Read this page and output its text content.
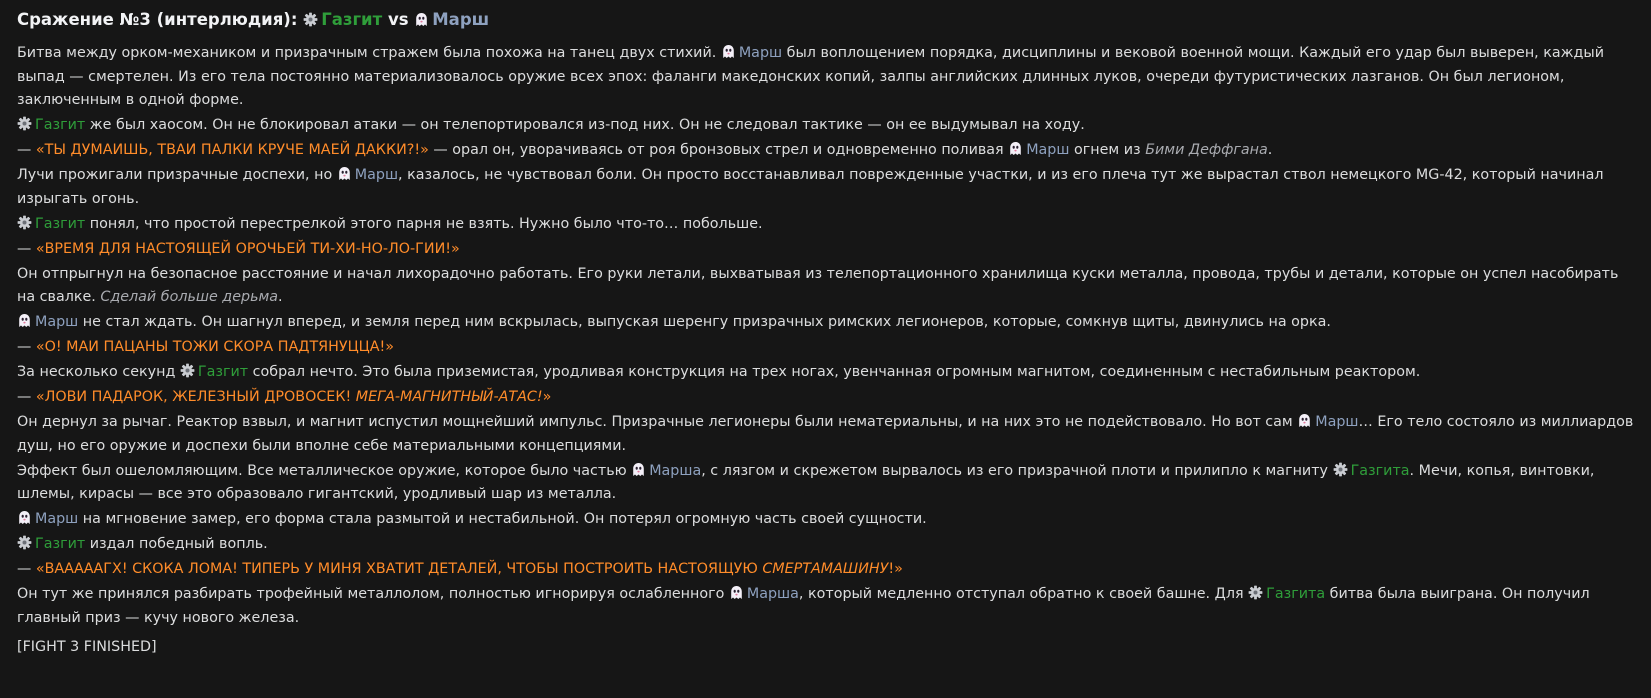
Сражение №3 (интерлюдия): Газгит vs Марш
Битва между орком-механиком и призрачным стражем была похожа на танец двух стихий.
Марш был воплощением порядка, дисциплины и вековой военной мощи. Каждый его удар был выверен, каждый выпад — смертелен. Из его тела постоянно материализовалось оружие всех эпох: фаланги македонских копий, залпы английских длинных луков, очереди футуристических лазганов. Он был легионом, заключенным в одной форме.
Газгит же был хаосом. Он не блокировал атаки — он телепортировался из-под них. Он не следовал тактике — он ее выдумывал на ходу.
— «ТЫ ДУМАИШЬ, ТВАИ ПАЛКИ КРУЧЕ МАЕЙ ДАККИ?!» — орал он, уворачиваясь от роя бронзовых стрел и одновременно поливая
Марш огнем из Бими Деффгана.
Лучи прожигали призрачные доспехи, но
Марш, казалось, не чувствовал боли. Он просто восстанавливал поврежденные участки, и из его плеча тут же вырастал ствол немецкого MG-42, который начинал изрыгать огонь.
Газгит понял, что простой перестрелкой этого парня не взять. Нужно было что-то… побольше.
— «ВРЕМЯ ДЛЯ НАСТОЯЩЕЙ ОРОЧЬЕЙ ТИ-ХИ-НО-ЛО-ГИИ!»
Он отпрыгнул на безопасное расстояние и начал лихорадочно работать. Его руки летали, выхватывая из телепортационного хранилища куски металла, провода, трубы и детали, которые он успел насобирать на свалке. Сделай больше дерьма.
Марш не стал ждать. Он шагнул вперед, и земля перед ним вскрылась, выпуская шеренгу призрачных римских легионеров, которые, сомкнув щиты, двинулись на орка.
— «О! МАИ ПАЦАНЫ ТОЖИ СКОРА ПАДТЯНУЦЦА!»
За несколько секунд
Газгит собрал нечто. Это была приземистая, уродливая конструкция на трех ногах, увенчанная огромным магнитом, соединенным с нестабильным реактором.
— «ЛОВИ ПАДАРОК, ЖЕЛЕЗНЫЙ ДРОВОСЕК! МЕГА-МАГНИТНЫЙ-АТАС!»
Он дернул за рычаг. Реактор взвыл, и магнит испустил мощнейший импульс. Призрачные легионеры были нематериальны, и на них это не подействовало. Но вот сам
Марш… Его тело состояло из миллиардов душ, но его оружие и доспехи были вполне себе материальными концепциями.
Эффект был ошеломляющим. Все металлическое оружие, которое было частью
Марша, с лязгом и скрежетом вырвалось из его призрачной плоти и прилипло к магниту
Газгита. Мечи, копья, винтовки, шлемы, кирасы — все это образовало гигантский, уродливый шар из металла.
Марш на мгновение замер, его форма стала размытой и нестабильной. Он потерял огромную часть своей сущности.
Газгит издал победный вопль.
— «ВАААААГХ! СКОКА ЛОМА! ТИПЕРЬ У МИНЯ ХВАТИТ ДЕТАЛЕЙ, ЧТОБЫ ПОСТРОИТЬ НАСТОЯЩУЮ СМЕРТАМАШИНУ!»
Он тут же принялся разбирать трофейный металлолом, полностью игнорируя ослабленного
Марша, который медленно отступал обратно к своей башне. Для
Газгита битва была выиграна. Он получил главный приз — кучу нового железа.
[FIGHT 3 FINISHED]
